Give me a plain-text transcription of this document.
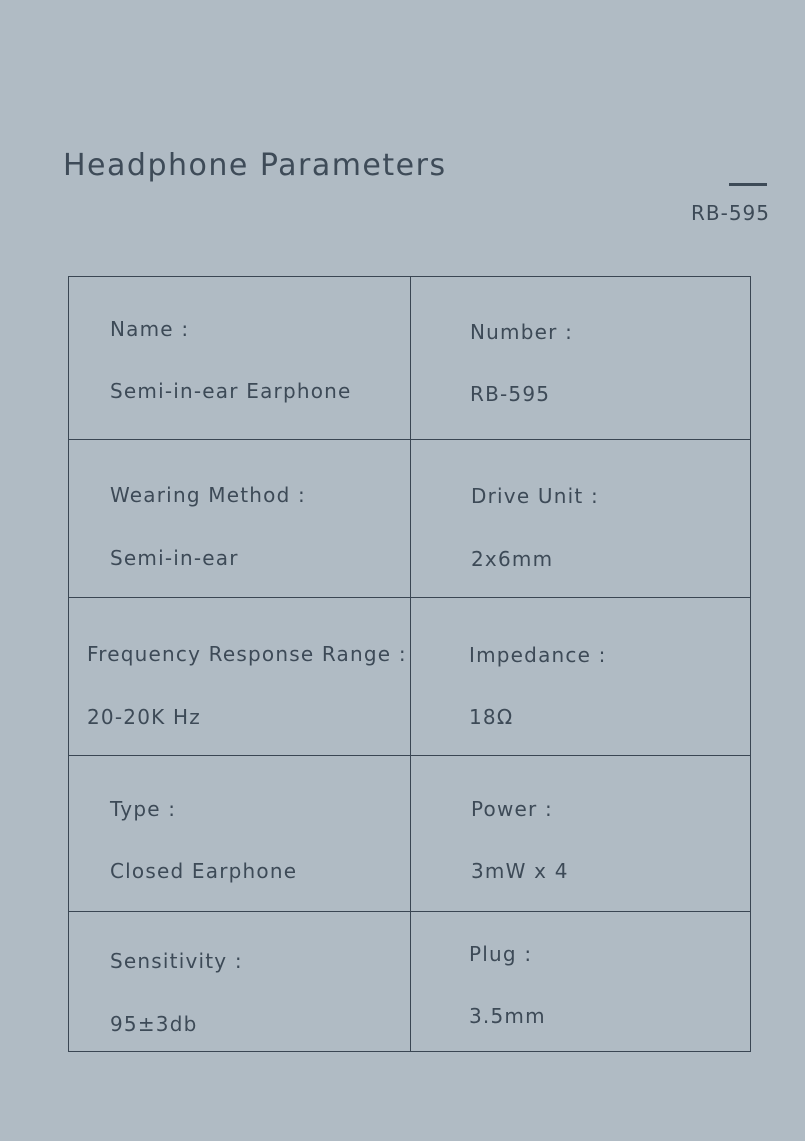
Headphone Parameters
RB-595
Name :
Semi-in-ear Earphone
Number :
RB-595
Wearing Method :
Semi-in-ear
Drive Unit :
2x6mm
Frequency Response Range :
20-20K Hz
Impedance :
18Ω
Type :
Closed Earphone
Power :
3mW x 4
Sensitivity :
95±3db
Plug :
3.5mm
